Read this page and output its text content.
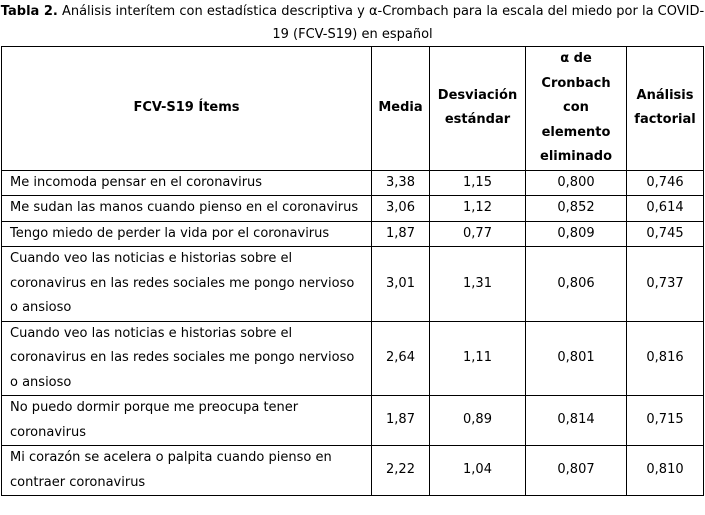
Tabla 2. Análisis interítem con estadística descriptiva y α-Crombach para la escala del miedo por la COVID-19 (FCV-S19) en español
FCV-S19 Ítems	Media	Desviación estándar	α de Cronbach con elemento eliminado	Análisis factorial
Me incomoda pensar en el coronavirus	3,38	1,15	0,800	0,746
Me sudan las manos cuando pienso en el coronavirus	3,06	1,12	0,852	0,614
Tengo miedo de perder la vida por el coronavirus	1,87	0,77	0,809	0,745
Cuando veo las noticias e historias sobre el coronavirus en las redes sociales me pongo nervioso o ansioso	3,01	1,31	0,806	0,737
Cuando veo las noticias e historias sobre el coronavirus en las redes sociales me pongo nervioso o ansioso	2,64	1,11	0,801	0,816
No puedo dormir porque me preocupa tener coronavirus	1,87	0,89	0,814	0,715
Mi corazón se acelera o palpita cuando pienso en contraer coronavirus	2,22	1,04	0,807	0,810
